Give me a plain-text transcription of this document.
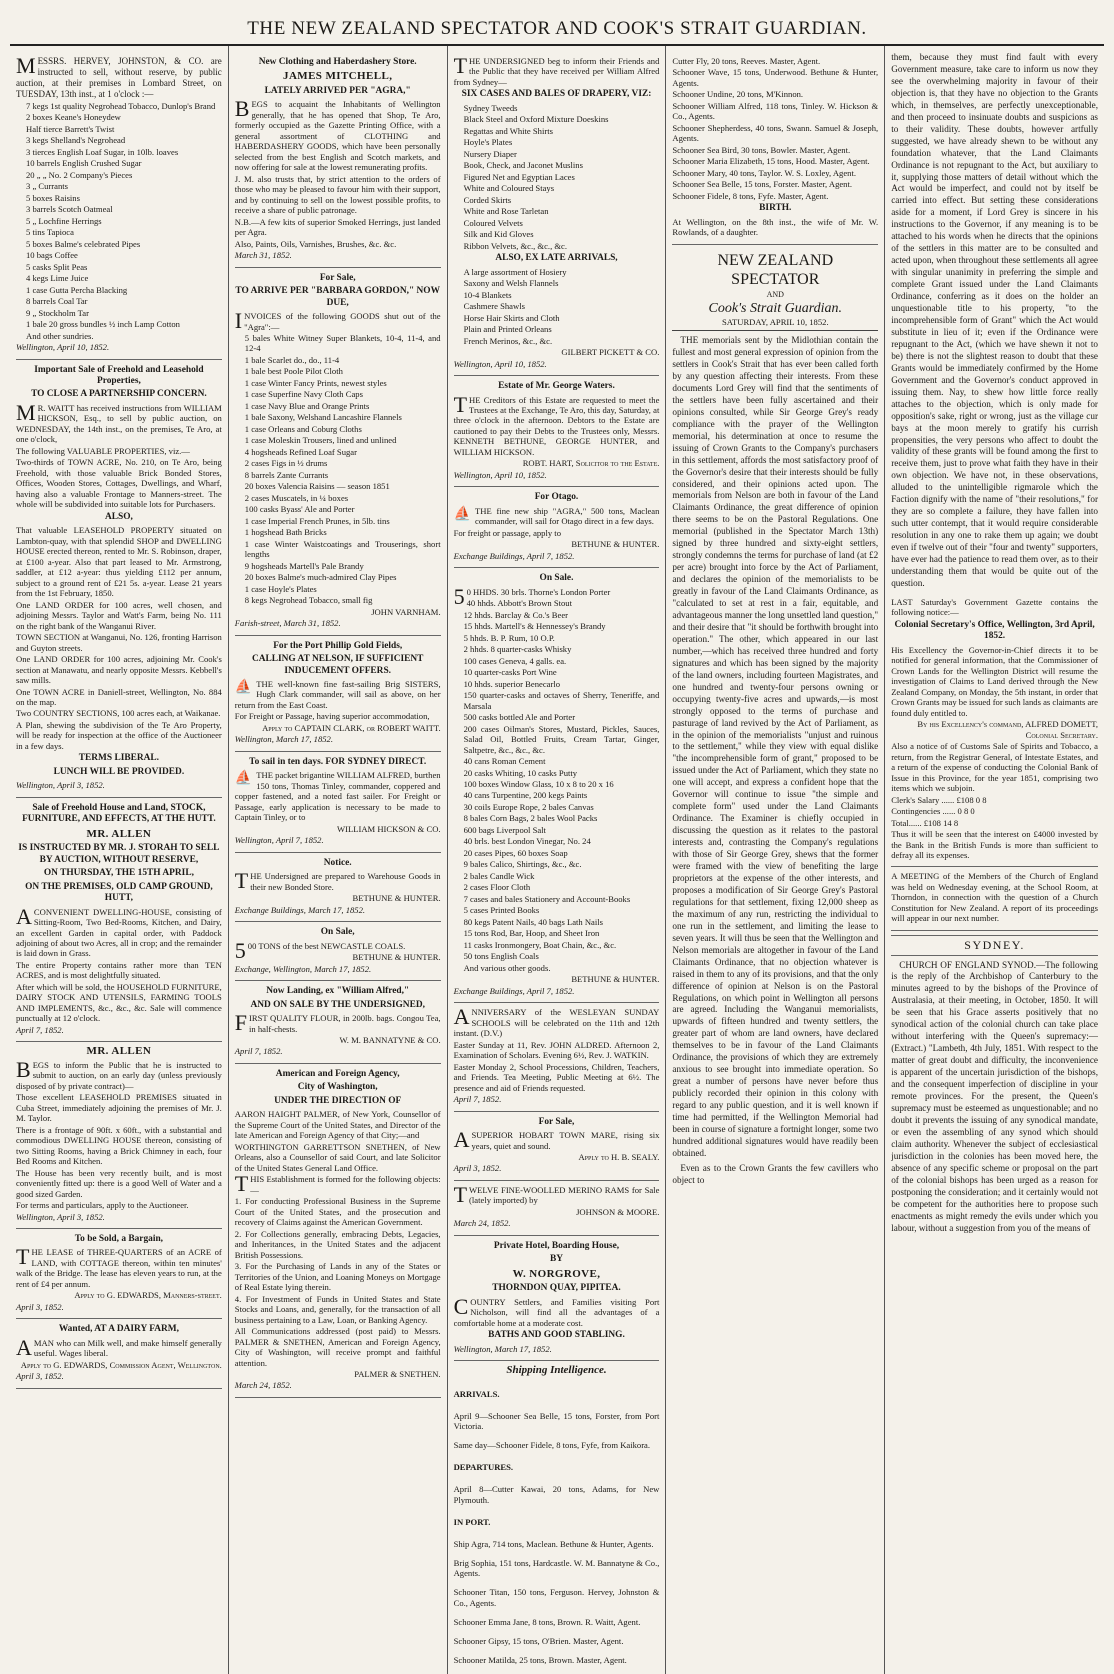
THE NEW ZEALAND SPECTATOR AND COOK'S STRAIT GUARDIAN.

MESSRS. HERVEY, JOHNSTON, & CO. are instructed to sell, without reserve, by public auction, at their premises in Lombard Street, on TUESDAY, 13th inst., at 1 o'clock :—

7 kegs 1st quality Negrohead Tobacco, Dunlop's Brand
2 boxes Keane's Honeydew
Half tierce Barrett's Twist
3 kegs Shelland's Negrohead
3 tierces English Loaf Sugar, in 10lb. loaves
10 barrels English Crushed Sugar
20 „ „ No. 2 Company's Pieces
3 „ Currants
5 boxes Raisins
3 barrels Scotch Oatmeal
5 „ Lochfine Herrings
5 tins Tapioca
5 boxes Balme's celebrated Pipes
10 bags Coffee
5 casks Split Peas
4 kegs Lime Juice
1 case Gutta Percha Blacking
8 barrels Coal Tar
9 „ Stockholm Tar
1 bale 20 gross bundles ½ inch Lamp Cotton
And other sundries.

Wellington, April 10, 1852.

Important Sale of Freehold and Leasehold Properties,
TO CLOSE A PARTNERSHIP CONCERN.

MR. WAITT has received instructions from WILLIAM HICKSON, Esq., to sell by public auction, on WEDNESDAY, the 14th inst., on the premises, Te Aro, at one o'clock,

The following VALUABLE PROPERTIES, viz.—

Two-thirds of TOWN ACRE, No. 210, on Te Aro, being Freehold, with those valuable Brick Bonded Stores, Offices, Wooden Stores, Cottages, Dwellings, and Wharf, having also a valuable Frontage to Manners-street. The whole will be subdivided into suitable lots for Purchasers.

ALSO,

That valuable LEASEHOLD PROPERTY situated on Lambton-quay, with that splendid SHOP and DWELLING HOUSE erected thereon, rented to Mr. S. Robinson, draper, at £100 a-year. Also that part leased to Mr. Armstrong, saddler, at £12 a-year: thus yielding £112 per annum, subject to a ground rent of £21 5s. a-year. Lease 21 years from the 1st February, 1850.

One LAND ORDER for 100 acres, well chosen, and adjoining Messrs. Taylor and Watt's Farm, being No. 111 on the right bank of the Wanganui River.

TOWN SECTION at Wanganui, No. 126, fronting Harrison and Guyton streets.

One LAND ORDER for 100 acres, adjoining Mr. Cook's section at Manawatu, and nearly opposite Messrs. Kebbell's saw mills.

One TOWN ACRE in Daniell-street, Wellington, No. 884 on the map.

Two COUNTRY SECTIONS, 100 acres each, at Waikanae.

A Plan, shewing the subdivision of the Te Aro Property, will be ready for inspection at the office of the Auctioneer in a few days.

TERMS LIBERAL.
LUNCH WILL BE PROVIDED.

Wellington, April 3, 1852.

Sale of Freehold House and Land, STOCK, FURNITURE, AND EFFECTS, AT THE HUTT.
MR. ALLEN
IS INSTRUCTED BY MR. J. STORAH TO SELL BY AUCTION, WITHOUT RESERVE,
ON THURSDAY, THE 15TH APRIL,
ON THE PREMISES, OLD CAMP GROUND, HUTT,

ACONVENIENT DWELLING-HOUSE, consisting of Sitting-Room, Two Bed-Rooms, Kitchen, and Dairy, an excellent Garden in capital order, with Paddock adjoining of about two Acres, all in crop; and the remainder is laid down in Grass.

The entire Property contains rather more than TEN ACRES, and is most delightfully situated.

After which will be sold, the HOUSEHOLD FURNITURE, DAIRY STOCK AND UTENSILS, FARMING TOOLS AND IMPLEMENTS, &c., &c., &c. Sale will commence punctually at 12 o'clock.

April 7, 1852.

MR. ALLEN

BEGS to inform the Public that he is instructed to submit to auction, on an early day (unless previously disposed of by private contract)—

Those excellent LEASEHOLD PREMISES situated in Cuba Street, immediately adjoining the premises of Mr. J. M. Taylor.

There is a frontage of 90ft. x 60ft., with a substantial and commodious DWELLING HOUSE thereon, consisting of two Sitting Rooms, having a Brick Chimney in each, four Bed Rooms and Kitchen.

The House has been very recently built, and is most conveniently fitted up: there is a good Well of Water and a good sized Garden.

For terms and particulars, apply to the Auctioneer.

Wellington, April 3, 1852.

To be Sold, a Bargain,

THE LEASE of THREE-QUARTERS of an ACRE of LAND, with COTTAGE thereon, within ten minutes' walk of the Bridge. The lease has eleven years to run, at the rent of £4 per annum.

Apply to G. EDWARDS, Manners-street.

April 3, 1852.

Wanted, AT A DAIRY FARM,

AMAN who can Milk well, and make himself generally useful. Wages liberal.

Apply to G. EDWARDS, Commission Agent, Wellington.

April 3, 1852.

New Clothing and Haberdashery Store.
JAMES MITCHELL,
LATELY ARRIVED PER "AGRA,"

BEGS to acquaint the Inhabitants of Wellington generally, that he has opened that Shop, Te Aro, formerly occupied as the Gazette Printing Office, with a general assortment of CLOTHING and HABERDASHERY GOODS, which have been personally selected from the best English and Scotch markets, and now offering for sale at the lowest remunerating profits.

J. M. also trusts that, by strict attention to the orders of those who may be pleased to favour him with their support, and by continuing to sell on the lowest possible profits, to receive a share of public patronage.

N.B.—A few kits of superior Smoked Herrings, just landed per Agra.

Also, Paints, Oils, Varnishes, Brushes, &c. &c.

March 31, 1852.

For Sale,
TO ARRIVE PER "BARBARA GORDON," NOW DUE,

INVOICES of the following GOODS shut out of the "Agra":—

5 bales White Witney Super Blankets, 10-4, 11-4, and 12-4
1 bale Scarlet do., do., 11-4
1 bale best Poole Pilot Cloth
1 case Winter Fancy Prints, newest styles
1 case Superfine Navy Cloth Caps
1 case Navy Blue and Orange Prints
1 bale Saxony, Welshand Lancashire Flannels
1 case Orleans and Coburg Cloths
1 case Moleskin Trousers, lined and unlined
4 hogsheads Refined Loaf Sugar
2 cases Figs in ½ drums
8 barrels Zante Currants
20 boxes Valencia Raisins — season 1851
2 cases Muscatels, in ¼ boxes
100 casks Byass' Ale and Porter
1 case Imperial French Prunes, in 5lb. tins
1 hogshead Bath Bricks
1 case Winter Waistcoatings and Trouserings, short lengths
9 hogsheads Martell's Pale Brandy
20 boxes Balme's much-admired Clay Pipes
1 case Hoyle's Plates
8 kegs Negrohead Tobacco, small fig

JOHN VARNHAM.

Farish-street, March 31, 1852.

For the Port Phillip Gold Fields,
CALLING AT NELSON, IF SUFFICIENT INDUCEMENT OFFERS.

⛵ THE well-known fine fast-sailing Brig SISTERS, Hugh Clark commander, will sail as above, on her return from the East Coast.

For Freight or Passage, having superior accommodation,

Apply to CAPTAIN CLARK, or ROBERT WAITT.

Wellington, March 17, 1852.

To sail in ten days. FOR SYDNEY DIRECT.

⛵ THE packet brigantine WILLIAM ALFRED, burthen 150 tons, Thomas Tinley, commander, coppered and copper fastened, and a noted fast sailer. For Freight or Passage, early application is necessary to be made to Captain Tinley, or to

WILLIAM HICKSON & CO.

Wellington, April 7, 1852.

Notice.

THE Undersigned are prepared to Warehouse Goods in their new Bonded Store.

BETHUNE & HUNTER.

Exchange Buildings, March 17, 1852.

On Sale,

500 TONS of the best NEWCASTLE COALS.

BETHUNE & HUNTER.

Exchange, Wellington, March 17, 1852.

Now Landing, ex "William Alfred,"
AND ON SALE BY THE UNDERSIGNED,

FIRST QUALITY FLOUR, in 200lb. bags. Congou Tea, in half-chests.

W. M. BANNATYNE & CO.

April 7, 1852.

American and Foreign Agency,
City of Washington,
UNDER THE DIRECTION OF

AARON HAIGHT PALMER, of New York, Counsellor of the Supreme Court of the United States, and Director of the late American and Foreign Agency of that City;—and

WORTHINGTON GARRETTSON SNETHEN, of New Orleans, also a Counsellor of said Court, and late Solicitor of the United States General Land Office.

THIS Establishment is formed for the following objects:—

1. For conducting Professional Business in the Supreme Court of the United States, and the prosecution and recovery of Claims against the American Government.

2. For Collections generally, embracing Debts, Legacies, and Inheritances, in the United States and the adjacent British Possessions.

3. For the Purchasing of Lands in any of the States or Territories of the Union, and Loaning Moneys on Mortgage of Real Estate lying therein.

4. For Investment of Funds in United States and State Stocks and Loans, and, generally, for the transaction of all business pertaining to a Law, Loan, or Banking Agency.

All Communications addressed (post paid) to Messrs. PALMER & SNETHEN, American and Foreign Agency, City of Washington, will receive prompt and faithful attention.

PALMER & SNETHEN.

March 24, 1852.

THE UNDERSIGNED beg to inform their Friends and the Public that they have received per William Alfred from Sydney—

SIX CASES AND BALES OF DRAPERY, VIZ:
Sydney Tweeds
Black Steel and Oxford Mixture Doeskins
Regattas and White Shirts
Hoyle's Plates
Nursery Diaper
Book, Check, and Jaconet Muslins
Figured Net and Egyptian Laces
White and Coloured Stays
Corded Skirts
White and Rose Tarletan
Coloured Velvets
Silk and Kid Gloves
Ribbon Velvets, &c., &c., &c.
ALSO, EX LATE ARRIVALS,
A large assortment of Hosiery
Saxony and Welsh Flannels
10-4 Blankets
Cashmere Shawls
Horse Hair Skirts and Cloth
Plain and Printed Orleans
French Merinos, &c., &c.

GILBERT PICKETT & CO.

Wellington, April 10, 1852.

Estate of Mr. George Waters.

THE Creditors of this Estate are requested to meet the Trustees at the Exchange, Te Aro, this day, Saturday, at three o'clock in the afternoon. Debtors to the Estate are cautioned to pay their Debts to the Trustees only, Messrs. KENNETH BETHUNE, GEORGE HUNTER, and WILLIAM HICKSON.

ROBT. HART, Solicitor to the Estate.

Wellington, April 10, 1852.

For Otago.

⛵ THE fine new ship "AGRA," 500 tons, Maclean commander, will sail for Otago direct in a few days.

For freight or passage, apply to

BETHUNE & HUNTER.

Exchange Buildings, April 7, 1852.

On Sale.

50 HHDS. 30 brls. Thorne's London Porter

40 hhds. Abbott's Brown Stout
12 hhds. Barclay & Co.'s Beer
15 hhds. Martell's & Hennessey's Brandy
5 hhds. B. P. Rum, 10 O.P.
2 hhds. 8 quarter-casks Whisky
100 cases Geneva, 4 galls. ea.
10 quarter-casks Port Wine
10 hhds. superior Benecarlo
150 quarter-casks and octaves of Sherry, Teneriffe, and Marsala
500 casks bottled Ale and Porter
200 cases Oilman's Stores, Mustard, Pickles, Sauces, Salad Oil, Bottled Fruits, Cream Tartar, Ginger, Saltpetre, &c., &c., &c.
40 cans Roman Cement
20 casks Whiting, 10 casks Putty
100 boxes Window Glass, 10 x 8 to 20 x 16
40 cans Turpentine, 200 kegs Paints
30 coils Europe Rope, 2 bales Canvas
8 bales Corn Bags, 2 bales Wool Packs
600 bags Liverpool Salt
40 brls. best London Vinegar, No. 24
20 cases Pipes, 60 boxes Soap
9 bales Calico, Shirtings, &c., &c.
2 bales Candle Wick
2 cases Floor Cloth
7 cases and bales Stationery and Account-Books
5 cases Printed Books
80 kegs Patent Nails, 40 bags Lath Nails
15 tons Rod, Bar, Hoop, and Sheet Iron
11 casks Ironmongery, Boat Chain, &c., &c.
50 tons English Coals
And various other goods.

BETHUNE & HUNTER.

Exchange Buildings, April 7, 1852.

ANNIVERSARY of the WESLEYAN SUNDAY SCHOOLS will be celebrated on the 11th and 12th instant. (D.V.)

Easter Sunday at 11, Rev. JOHN ALDRED. Afternoon 2, Examination of Scholars. Evening 6½, Rev. J. WATKIN.

Easter Monday 2, School Processions, Children, Teachers, and Friends. Tea Meeting, Public Meeting at 6½. The presence and aid of Friends requested.

April 7, 1852.

For Sale,

ASUPERIOR HOBART TOWN MARE, rising six years, quiet and sound.

Apply to H. B. SEALY.

April 3, 1852.

TWELVE FINE-WOOLLED MERINO RAMS for Sale (lately imported) by

JOHNSON & MOORE.

March 24, 1852.

Private Hotel, Boarding House,
BY
W. NORGROVE,
THORNDON QUAY, PIPITEA.

COUNTRY Settlers, and Families visiting Port Nicholson, will find all the advantages of a comfortable home at a moderate cost.

BATHS AND GOOD STABLING.

Wellington, March 17, 1852.

Shipping Intelligence.
ARRIVALS.

April 9—Schooner Sea Belle, 15 tons, Forster, from Port Victoria.

Same day—Schooner Fidele, 8 tons, Fyfe, from Kaikora.

DEPARTURES.

April 8—Cutter Kawai, 20 tons, Adams, for New Plymouth.

IN PORT.

Ship Agra, 714 tons, Maclean. Bethune & Hunter, Agents.

Brig Sophia, 151 tons, Hardcastle. W. M. Bannatyne & Co., Agents.

Schooner Titan, 150 tons, Ferguson. Hervey, Johnston & Co., Agents.

Schooner Emma Jane, 8 tons, Brown. R. Waitt, Agent.

Schooner Gipsy, 15 tons, O'Brien. Master, Agent.

Schooner Matilda, 25 tons, Brown. Master, Agent.

Cutter Fly, 20 tons, Reeves. Master, Agent.

Schooner Wave, 15 tons, Underwood. Bethune & Hunter, Agents.

Schooner Undine, 20 tons, M'Kinnon.

Schooner William Alfred, 118 tons, Tinley. W. Hickson & Co., Agents.

Schooner Shepherdess, 40 tons, Swann. Samuel & Joseph, Agents.

Schooner Sea Bird, 30 tons, Bowler. Master, Agent.

Schooner Maria Elizabeth, 15 tons, Hood. Master, Agent.

Schooner Mary, 40 tons, Taylor. W. S. Loxley, Agent.

Schooner Sea Belle, 15 tons, Forster. Master, Agent.

Schooner Fidele, 8 tons, Fyfe. Master, Agent.

BIRTH.

At Wellington, on the 8th inst., the wife of Mr. W. Rowlands, of a daughter.

NEW ZEALAND SPECTATOR
AND
Cook's Strait Guardian.
SATURDAY, APRIL 10, 1852.

THE memorials sent by the Midlothian contain the fullest and most general expression of opinion from the settlers in Cook's Strait that has ever been called forth by any question affecting their interests. From these documents Lord Grey will find that the sentiments of the settlers have been fully ascertained and their opinions consulted, while Sir George Grey's ready compliance with the prayer of the Wellington memorial, his determination at once to resume the issuing of Crown Grants to the Company's purchasers in this settlement, affords the most satisfactory proof of the Governor's desire that their interests should be fully considered, and their opinions acted upon. The memorials from Nelson are both in favour of the Land Claimants Ordinance, the great difference of opinion there seems to be on the Pastoral Regulations. One memorial (published in the Spectator March 13th) signed by three hundred and sixty-eight settlers, strongly condemns the terms for purchase of land (at £2 per acre) brought into force by the Act of Parliament, and declares the opinion of the memorialists to be greatly in favour of the Land Claimants Ordinance, as "calculated to set at rest in a fair, equitable, and advantageous manner the long unsettled land question," and their desire that "it should be forthwith brought into operation." The other, which appeared in our last number,—which has received three hundred and forty signatures and which has been signed by the majority of the land owners, including fourteen Magistrates, and one hundred and twenty-four persons owning or occupying twenty-five acres and upwards,—is most strongly opposed to the terms of purchase and pasturage of land revived by the Act of Parliament, as in the opinion of the memorialists "unjust and ruinous to the settlement," while they view with equal dislike "the incomprehensible form of grant," proposed to be issued under the Act of Parliament, which they state no one will accept, and express a confident hope that the Governor will continue to issue "the simple and complete form" used under the Land Claimants Ordinance. The Examiner is chiefly occupied in discussing the question as it relates to the pastoral interests and, contrasting the Company's regulations with those of Sir George Grey, shews that the former were framed with the view of benefiting the large proprietors at the expense of the other interests, and proposes a modification of Sir George Grey's Pastoral regulations for that settlement, fixing 12,000 sheep as the maximum of any run, restricting the individual to one run in the settlement, and limiting the lease to seven years. It will thus be seen that the Wellington and Nelson memorials are altogether in favour of the Land Claimants Ordinance, that no objection whatever is raised in them to any of its provisions, and that the only difference of opinion at Nelson is on the Pastoral Regulations, on which point in Wellington all persons are agreed. Including the Wanganui memorialists, upwards of fifteen hundred and twenty settlers, the greater part of whom are land owners, have declared themselves to be in favour of the Land Claimants Ordinance, the provisions of which they are extremely anxious to see brought into immediate operation. So great a number of persons have never before thus publicly recorded their opinion in this colony with regard to any public question, and it is well known if time had permitted, if the Wellington Memorial had been in course of signature a fortnight longer, some two hundred additional signatures would have readily been obtained.

Even as to the Crown Grants the few cavillers who object to

them, because they must find fault with every Government measure, take care to inform us now they see the overwhelming majority in favour of their objection is, that they have no objection to the Grants which, in themselves, are perfectly unexceptionable, and then proceed to insinuate doubts and suspicions as to their validity. These doubts, however artfully suggested, we have already shewn to be without any foundation whatever, that the Land Claimants Ordinance is not repugnant to the Act, but auxiliary to it, supplying those matters of detail without which the Act would be imperfect, and could not by itself be carried into effect. But setting these considerations aside for a moment, if Lord Grey is sincere in his instructions to the Governor, if any meaning is to be attached to his words when he directs that the opinions of the settlers in this matter are to be consulted and acted upon, when throughout these settlements all agree with singular unanimity in preferring the simple and complete Grant issued under the Land Claimants Ordinance, conferring as it does on the holder an unquestionable title to his property, "to the incomprehensible form of Grant" which the Act would substitute in lieu of it; even if the Ordinance were repugnant to the Act, (which we have shewn it not to be) there is not the slightest reason to doubt that these Grants would be immediately confirmed by the Home Government and the Governor's conduct approved in issuing them. Nay, to shew how little force really attaches to the objection, which is only made for opposition's sake, right or wrong, just as the village cur bays at the moon merely to gratify his currish propensities, the very persons who affect to doubt the validity of these grants will be found among the first to receive them, just to prove what faith they have in their own objection. We have not, in these observations, alluded to the unintelligible rigmarole which the Faction dignify with the name of "their resolutions," for they are so complete a failure, they have fallen into such utter contempt, that it would require considerable resolution in any one to rake them up again; we doubt even if twelve out of their "four and twenty" supporters, have ever had the patience to read them over, as to their understanding them that would be quite out of the question.

LAST Saturday's Government Gazette contains the following notice:—

Colonial Secretary's Office, Wellington, 3rd April, 1852.

His Excellency the Governor-in-Chief directs it to be notified for general information, that the Commissioner of Crown Lands for the Wellington District will resume the investigation of Claims to Land derived through the New Zealand Company, on Monday, the 5th instant, in order that Crown Grants may be issued for such lands as claimants are found duly entitled to.

By his Excellency's command, ALFRED DOMETT, Colonial Secretary.

Also a notice of of Customs Sale of Spirits and Tobacco, a return, from the Registrar General, of Intestate Estates, and a return of the expense of conducting the Colonial Bank of Issue in this Province, for the year 1851, comprising two items which we subjoin.

Clerk's Salary ...... £108 0 8

Contingencies ...... 0 8 0

Total...... £108 14 8

Thus it will be seen that the interest on £4000 invested by the Bank in the British Funds is more than sufficient to defray all its expenses.

A MEETING of the Members of the Church of England was held on Wednesday evening, at the School Room, at Thorndon, in connection with the question of a Church Constitution for New Zealand. A report of its proceedings will appear in our next number.

SYDNEY.

CHURCH OF ENGLAND SYNOD.—The following is the reply of the Archbishop of Canterbury to the minutes agreed to by the bishops of the Province of Australasia, at their meeting, in October, 1850. It will be seen that his Grace asserts positively that no synodical action of the colonial church can take place without interfering with the Queen's supremacy:— (Extract.) "Lambeth, 4th July, 1851. With respect to the matter of great doubt and difficulty, the inconvenience is apparent of the uncertain jurisdiction of the bishops, and the consequent imperfection of discipline in your remote provinces. For the present, the Queen's supremacy must be esteemed as unquestionable; and no doubt it prevents the issuing of any synodical mandate, or even the assembling of any synod which should claim authority. Whenever the subject of ecclesiastical jurisdiction in the colonies has been moved here, the absence of any specific scheme or proposal on the part of the colonial bishops has been urged as a reason for postponing the consideration; and it certainly would not be competent for the authorities here to propose such enactments as might remedy the evils under which you labour, without a suggestion from you of the means of
